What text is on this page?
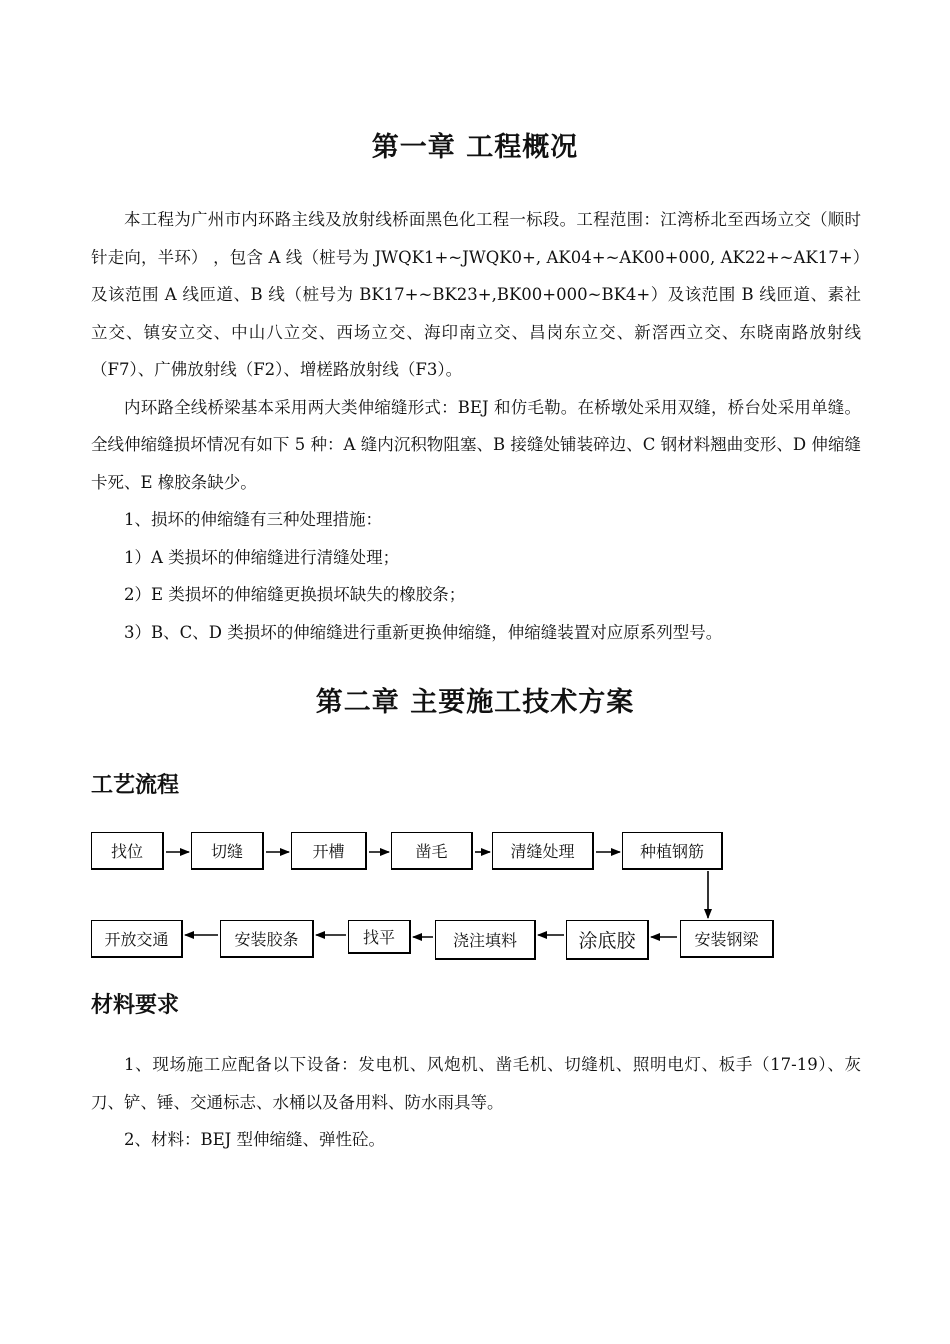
第一章 工程概况

本工程为广州市内环路主线及放射线桥面黑色化工程一标段。工程范围：江湾桥北至西场立交（顺时针走向，半环） ，包含 A 线（桩号为 JWQK1+~JWQK0+, AK04+~AK00+000, AK22+~AK17+）及该范围 A 线匝道、B 线（桩号为 BK17+~BK23+,BK00+000~BK4+）及该范围 B 线匝道、素社立交、镇安立交、中山八立交、西场立交、海印南立交、昌岗东立交、新滘西立交、东晓南路放射线（F7）、广佛放射线（F2）、增槎路放射线（F3）。

内环路全线桥梁基本采用两大类伸缩缝形式：BEJ 和仿毛勒。在桥墩处采用双缝，桥台处采用单缝。全线伸缩缝损坏情况有如下 5 种：A 缝内沉积物阻塞、B 接缝处铺装碎边、C 钢材料翘曲变形、D 伸缩缝卡死、E 橡胶条缺少。

1、损坏的伸缩缝有三种处理措施：

1）A 类损坏的伸缩缝进行清缝处理；

2）E 类损坏的伸缩缝更换损坏缺失的橡胶条；

3）B、C、D 类损坏的伸缩缝进行重新更换伸缩缝，伸缩缝装置对应原系列型号。

第二章 主要施工技术方案
工艺流程
找位	切缝	开槽	凿毛	清缝处理	种植钢筋
开放交通	安装胶条	找平	浇注填料	涂底胶	安装钢梁
材料要求

1、现场施工应配备以下设备：发电机、风炮机、凿毛机、切缝机、照明电灯、板手（17-19）、灰刀、铲、锤、交通标志、水桶以及备用料、防水雨具等。

2、材料：BEJ 型伸缩缝、弹性砼。
